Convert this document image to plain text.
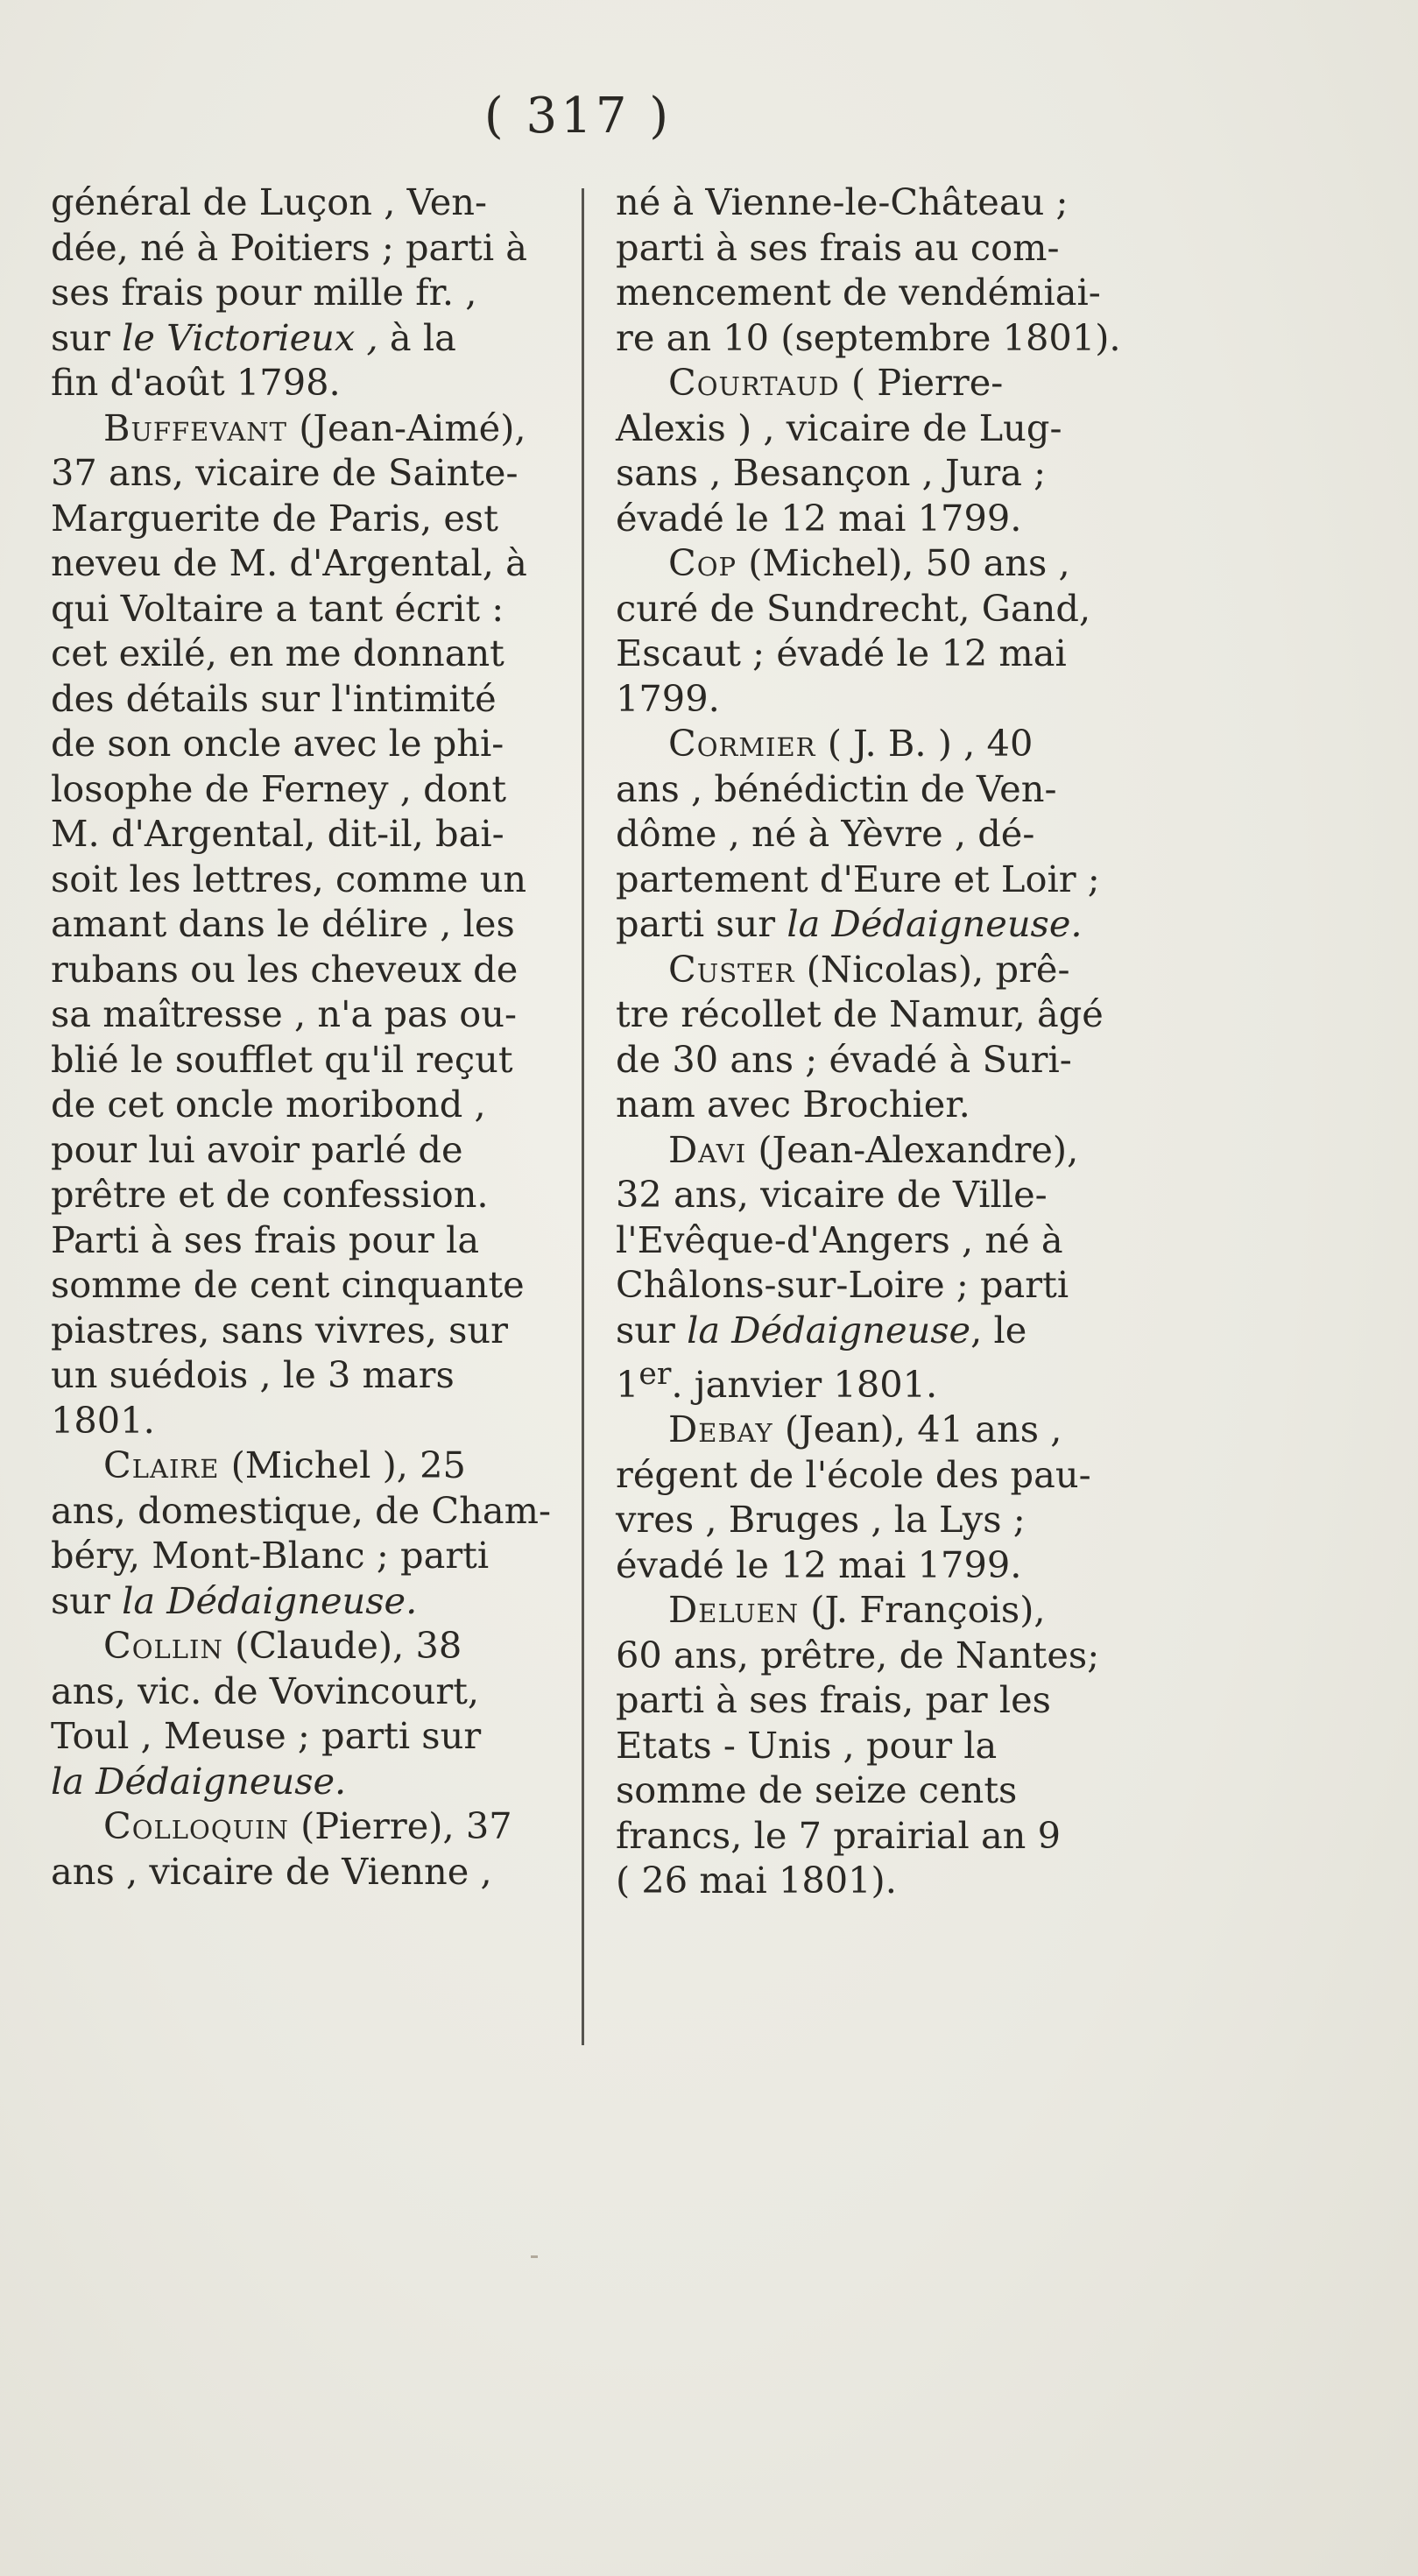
( 317 )
général de Luçon , Ven-
dée, né à Poitiers ; parti à
ses frais pour mille fr. ,
sur le Victorieux , à la
fin d'août 1798.
Buffevant (Jean-Aimé),
37 ans, vicaire de Sainte-
Marguerite de Paris, est
neveu de M. d'Argental, à
qui Voltaire a tant écrit :
cet exilé, en me donnant
des détails sur l'intimité
de son oncle avec le phi-
losophe de Ferney , dont
M. d'Argental, dit-il, bai-
soit les lettres, comme un
amant dans le délire , les
rubans ou les cheveux de
sa maîtresse , n'a pas ou-
blié le soufflet qu'il reçut
de cet oncle moribond ,
pour lui avoir parlé de
prêtre et de confession.
Parti à ses frais pour la
somme de cent cinquante
piastres, sans vivres, sur
un suédois , le 3 mars
1801.
Claire (Michel ), 25
ans, domestique, de Cham-
béry, Mont-Blanc ; parti
sur la Dédaigneuse.
Collin (Claude), 38
ans, vic. de Vovincourt,
Toul , Meuse ; parti sur
la Dédaigneuse.
Colloquin (Pierre), 37
ans , vicaire de Vienne ,
né à Vienne-le-Château ;
parti à ses frais au com-
mencement de vendémiai-
re an 10 (septembre 1801).
Courtaud ( Pierre-
Alexis ) , vicaire de Lug-
sans , Besançon , Jura ;
évadé le 12 mai 1799.
Cop (Michel), 50 ans ,
curé de Sundrecht, Gand,
Escaut ; évadé le 12 mai
1799.
Cormier ( J. B. ) , 40
ans , bénédictin de Ven-
dôme , né à Yèvre , dé-
partement d'Eure et Loir ;
parti sur la Dédaigneuse.
Custer (Nicolas), prê-
tre récollet de Namur, âgé
de 30 ans ; évadé à Suri-
nam avec Brochier.
Davi (Jean-Alexandre),
32 ans, vicaire de Ville-
l'Evêque-d'Angers , né à
Châlons-sur-Loire ; parti
sur la Dédaigneuse, le
1er. janvier 1801.
Debay (Jean), 41 ans ,
régent de l'école des pau-
vres , Bruges , la Lys ;
évadé le 12 mai 1799.
Deluen (J. François),
60 ans, prêtre, de Nantes;
parti à ses frais, par les
Etats - Unis , pour la
somme de seize cents
francs, le 7 prairial an 9
( 26 mai 1801).
